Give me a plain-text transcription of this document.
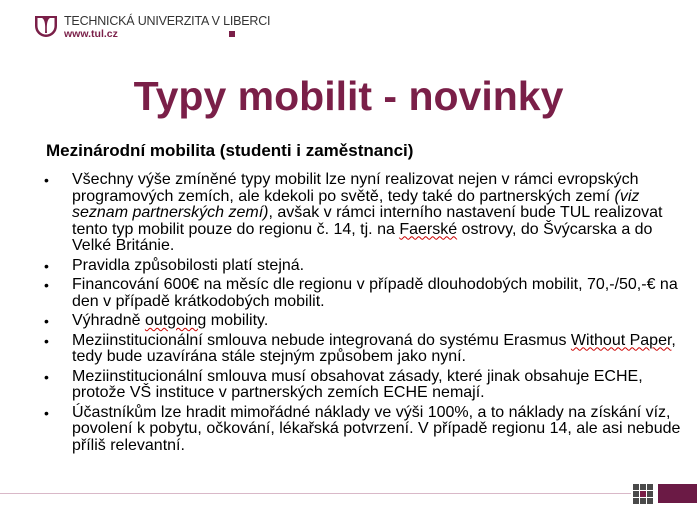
TECHNICKÁ UNIVERZITA V LIBERCI
www.tul.cz
Typy mobilit - novinky
Mezinárodní mobilita (studenti i zaměstnanci)
• Všechny výše zmíněné typy mobilit lze nyní realizovat nejen v rámci evropských programových zemích, ale kdekoli po světě, tedy také do partnerských zemí (viz seznam partnerských zemí), avšak v rámci interního nastavení bude TUL realizovat tento typ mobilit pouze do regionu č. 14, tj. na Faerské ostrovy, do Švýcarska a do Velké Británie.
• Pravidla způsobilosti platí stejná.
• Financování 600€ na měsíc dle regionu v případě dlouhodobých mobilit, 70,-/50,-€ na den v případě krátkodobých mobilit.
• Výhradně outgoing mobility.
• Meziinstitucionální smlouva nebude integrovaná do systému Erasmus Without Paper, tedy bude uzavírána stále stejným způsobem jako nyní.
• Meziinstitucionální smlouva musí obsahovat zásady, které jinak obsahuje ECHE, protože VŠ instituce v partnerských zemích ECHE nemají.
• Účastníkům lze hradit mimořádné náklady ve výši 100%, a to náklady na získání víz, povolení k pobytu, očkování, lékařská potvrzení. V případě regionu 14, ale asi nebude příliš relevantní.
